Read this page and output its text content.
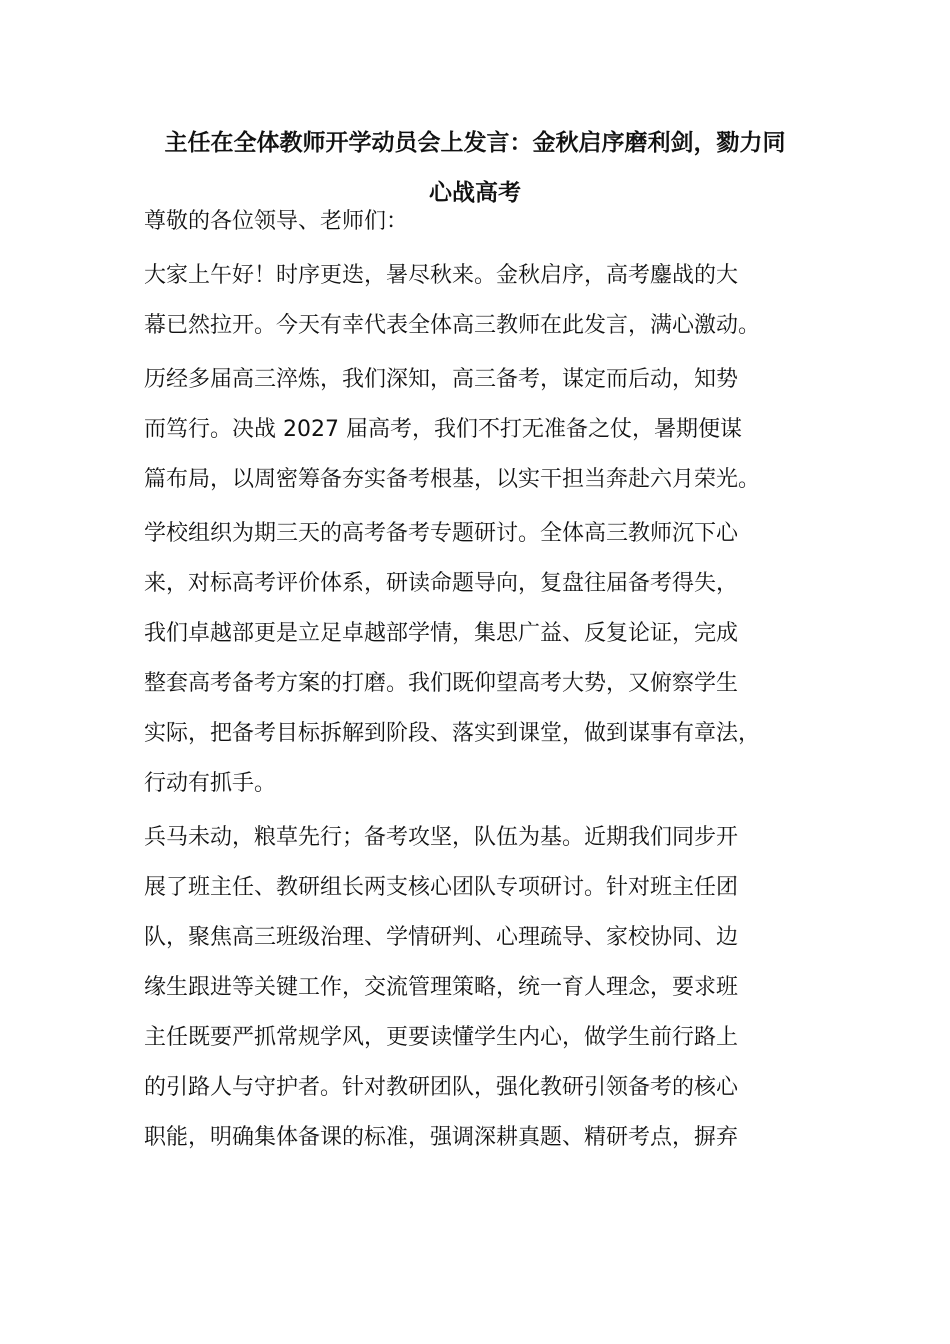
主任在全体教师开学动员会上发言：金秋启序磨利剑，勠力同
心战高考
尊敬的各位领导、老师们：
大家上午好！时序更迭，暑尽秋来。金秋启序，高考鏖战的大
幕已然拉开。今天有幸代表全体高三教师在此发言，满心激动。
历经多届高三淬炼，我们深知，高三备考，谋定而后动，知势
而笃行。决战 2027 届高考，我们不打无准备之仗，暑期便谋
篇布局，以周密筹备夯实备考根基，以实干担当奔赴六月荣光。
学校组织为期三天的高考备考专题研讨。全体高三教师沉下心
来，对标高考评价体系，研读命题导向，复盘往届备考得失，
我们卓越部更是立足卓越部学情，集思广益、反复论证，完成
整套高考备考方案的打磨。我们既仰望高考大势，又俯察学生
实际，把备考目标拆解到阶段、落实到课堂，做到谋事有章法，
行动有抓手。
兵马未动，粮草先行；备考攻坚，队伍为基。近期我们同步开
展了班主任、教研组长两支核心团队专项研讨。针对班主任团
队，聚焦高三班级治理、学情研判、心理疏导、家校协同、边
缘生跟进等关键工作，交流管理策略，统一育人理念，要求班
主任既要严抓常规学风，更要读懂学生内心，做学生前行路上
的引路人与守护者。针对教研团队，强化教研引领备考的核心
职能，明确集体备课的标准，强调深耕真题、精研考点，摒弃
